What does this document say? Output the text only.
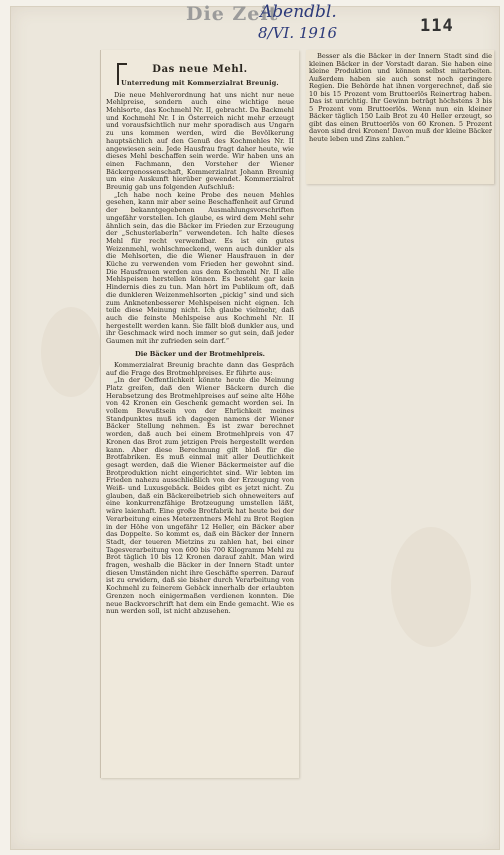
Die Zeit
Abendbl.
8/VI. 1916	114
Das neue Mehl.
Unterredung mit Kommerzialrat Breunig.

Die neue Mehlverordnung hat uns nicht nur neue Mehlpreise, sondern auch eine wichtige neue Mehlsorte, das Kochmehl Nr. II, gebracht. Da Backmehl und Kochmehl Nr. I in Österreich nicht mehr erzeugt und vorausfsichtlich nur mehr sporadisch aus Ungarn zu uns kommen werden, wird die Bevölkerung hauptsächlich auf den Genuß des Kochmehles Nr. II angewiesen sein. Jede Hausfrau fragt daher heute, wie dieses Mehl beschaffen sein werde. Wir haben uns an einen Fachmann, den Vorsteher der Wiener Bäckergenossenschaft, Kommerzialrat Johann Breunig um eine Auskunft hierüber gewendet. Kommerzialrat Breunig gab uns folgenden Aufschluß:

„Ich habe noch keine Probe des neuen Mehles gesehen, kann mir aber seine Beschaffenheit auf Grund der bekanntgegebenen Ausmahlungsvorschriften ungefähr vorstellen. Ich glaube, es wird dem Mehl sehr ähnlich sein, das die Bäcker im Frieden zur Erzeugung der „Schusterlaberln“ verwendeten. Ich halte dieses Mehl für recht verwendbar. Es ist ein gutes Weizenmehl, wohlschmeckend, wenn auch dunkler als die Mehlsorten, die die Wiener Hausfrauen in der Küche zu verwenden vom Frieden her gewohnt sind. Die Hausfrauen werden aus dem Kochmehl Nr. II alle Mehlspeisen herstellen können. Es besteht gar kein Hindernis dies zu tun. Man hört im Publikum oft, daß die dunkleren Weizenmehlsorten „pickig“ sind und sich zum Anknetenbesserer Mehlspeisen nicht eignen. Ich teile diese Meinung nicht. Ich glaube vielmehr, daß auch die feinste Mehlspeise aus Kochmehl Nr. II hergestellt werden kann. Sie fällt bloß dunkler aus, und ihr Geschmack wird noch immer so gut sein, daß jeder Gaumen mit ihr zufrieden sein darf.“

Die Bäcker und der Brotmehlpreis.

Kommerzialrat Breunig brachte dann das Gespräch auf die Frage des Brotmehlpreises. Er führte aus:

„In der Oeffentlichkeit könnte heute die Meinung Platz greifen, daß den Wiener Bäckern durch die Herabsetzung des Brotmehlpreises auf seine alte Höhe von 42 Kronen ein Geschenk gemacht worden sei. In vollem Bewußtsein von der Ehrlichkeit meines Standpunktes muß ich dagegen namens der Wiener Bäcker Stellung nehmen. Es ist zwar berechnet worden, daß auch bei einem Brotmehlpreis von 47 Kronen das Brot zum jetzigen Preis hergestellt werden kann. Aber diese Berechnung gilt bloß für die Brotfabriken. Es muß einmal mit aller Deutlichkeit gesagt werden, daß die Wiener Bäckermeister auf die Brotproduktion nicht eingerichtet sind. Wir lebten im Frieden nahezu ausschließlich von der Erzeugung von Weiß- und Luxusgebäck. Beides gibt es jetzt nicht. Zu glauben, daß ein Bäckereibetrieb sich ohneweiters auf eine konkurrenzfähige Brotzeugung umstellen läßt, wäre laienhaft. Eine große Brotfabrik hat heute bei der Verarbeitung eines Meterzentners Mehl zu Brot Regien in der Höhe von ungefähr 12 Heller, ein Bäcker aber das Doppelte. So kommt es, daß ein Bäcker der Innern Stadt, der teueren Mietzins zu zahlen hat, bei einer Tagesverarbeitung von 600 bis 700 Kilogramm Mehl zu Brot täglich 10 bis 12 Kronen darauf zahlt. Man wird fragen, weshalb die Bäcker in der Innern Stadt unter diesen Umständen nicht ihre Geschäfte sperren. Darauf ist zu erwidern, daß sie bisher durch Verarbeitung von Kochmehl zu feinerem Gebäck innerhalb der erlaubten Grenzen noch einigermaßen verdienen konnten. Die neue Backvorschrift hat dem ein Ende gemacht. Wie es nun werden soll, ist nicht abzusehen.

Besser als die Bäcker in der Innern Stadt sind die kleinen Bäcker in der Vorstadt daran. Sie haben eine kleine Produktion und können selbst mitarbeiten. Außerdem haben sie auch sonst noch geringere Regien. Die Behörde hat ihnen vorgerechnet, daß sie 10 bis 15 Prozent vom Bruttoerlös Reinertrag haben. Das ist unrichtig. Ihr Gewinn beträgt höchstens 3 bis 5 Prozent vom Bruttoerlös. Wenn nun ein kleiner Bäcker täglich 150 Laib Brot zu 40 Heller erzeugt, so gibt das einen Bruttoerlös von 60 Kronen. 5 Prozent davon sind drei Kronen! Davon muß der kleine Bäcker heute leben und Zins zahlen.“
